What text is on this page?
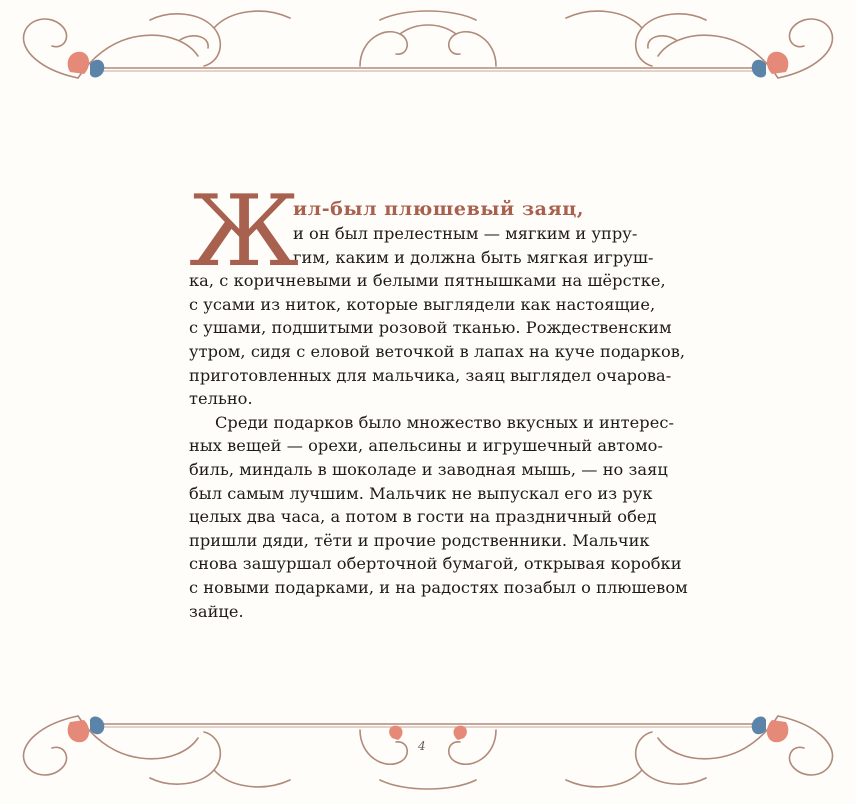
Ж
ил-был плюшевый заяц,
и он был прелестным — мягким и упру-
гим, каким и должна быть мягкая игруш-
ка, с коричневыми и белыми пятнышками на шёрстке,
с усами из ниток, которые выглядели как настоящие,
с ушами, подшитыми розовой тканью. Рождественским
утром, сидя с еловой веточкой в лапах на куче подарков,
приготовленных для мальчика, заяц выглядел очарова-
тельно.
Среди подарков было множество вкусных и интерес-
ных вещей — орехи, апельсины и игрушечный автомо-
биль, миндаль в шоколаде и заводная мышь, — но заяц
был самым лучшим. Мальчик не выпускал его из рук
целых два часа, а потом в гости на праздничный обед
пришли дяди, тёти и прочие родственники. Мальчик
снова зашуршал оберточной бумагой, открывая коробки
с новыми подарками, и на радостях позабыл о плюшевом
зайце.
4
